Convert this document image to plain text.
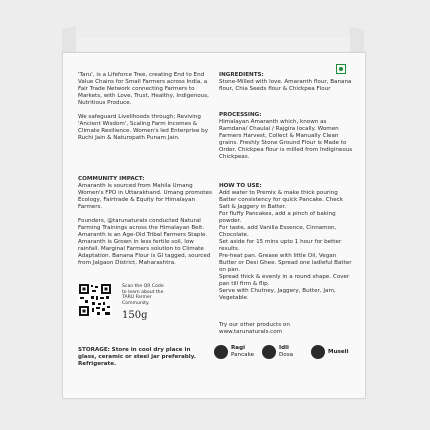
'Taru', is a Lifeforce Tree, creating End to End Value Chains for Small Farmers across India, a Fair Trade Network connecting Farmers to Markets, with Love, Trust, Healthy, Indigenous, Nutritious Produce.

We safeguard Livelihoods through; Reviving 'Ancient Wisdom', Scaling Farm Incomes & Climate Resilience. Women's led Enterprise by Ruchi Jain & Naturopath Punam Jain.

COMMUNITY IMPACT:

Amaranth is sourced from Mahila Umang Women's FPO in Uttarakhand. Umang promotes Ecology, Fairtrade & Equity for Himalayan Farmers.

Founders, @tarunaturals conducted Natural Farming Trainings across the Himalayan Belt. Amaranth is an Age-Old Tribal Farmers Staple. Amaranth is Grown in less fertile soil, low rainfall. Marginal Farmers solution to Climate Adaptation. Banana Flour is GI tagged, sourced from Jalgaon District, Maharashtra.

Scan the QR Code to learn about the TARU Farmer Community.
150g
STORAGE: Store in cool dry place in glass, ceramic or steel jar preferably. Refrigerate.
INGREDIENTS:

Stone-Milled with love. Amaranth flour, Banana flour, Chia Seeds flour & Chickpea Flour

PROCESSING:

Himalayan Amaranth which, known as Ramdana/ Chaulai / Rajgira locally. Women Farmers Harvest, Collect & Manually Clean grains. Freshly Stone Ground Flour is Made to Order. Chickpea flour is milled from Indigineous Chickpeas.

HOW TO USE:

Add water to Premix & make thick pouring Batter consistency for quick Pancake. Check Salt & Jaggery in Batter.

For fluffy Pancakes, add a pinch of baking powder.

For taste, add Vanilla Essence, Cinnamon, Chocolate.

Set aside for 15 mins upto 1 hour for better results.

Pre-heat pan. Grease with little Oil, Vegan Butter or Desi Ghee. Spread one ladleful Batter on pan.

Spread thick & evenly in a round shape. Cover pan till firm & flip.

Serve with Chutney, Jaggery, Butter, Jam, Vegetable.

Try our other products on www.tarunaturals.com
Ragi
Pancake
Idli
Dosa
Museli
